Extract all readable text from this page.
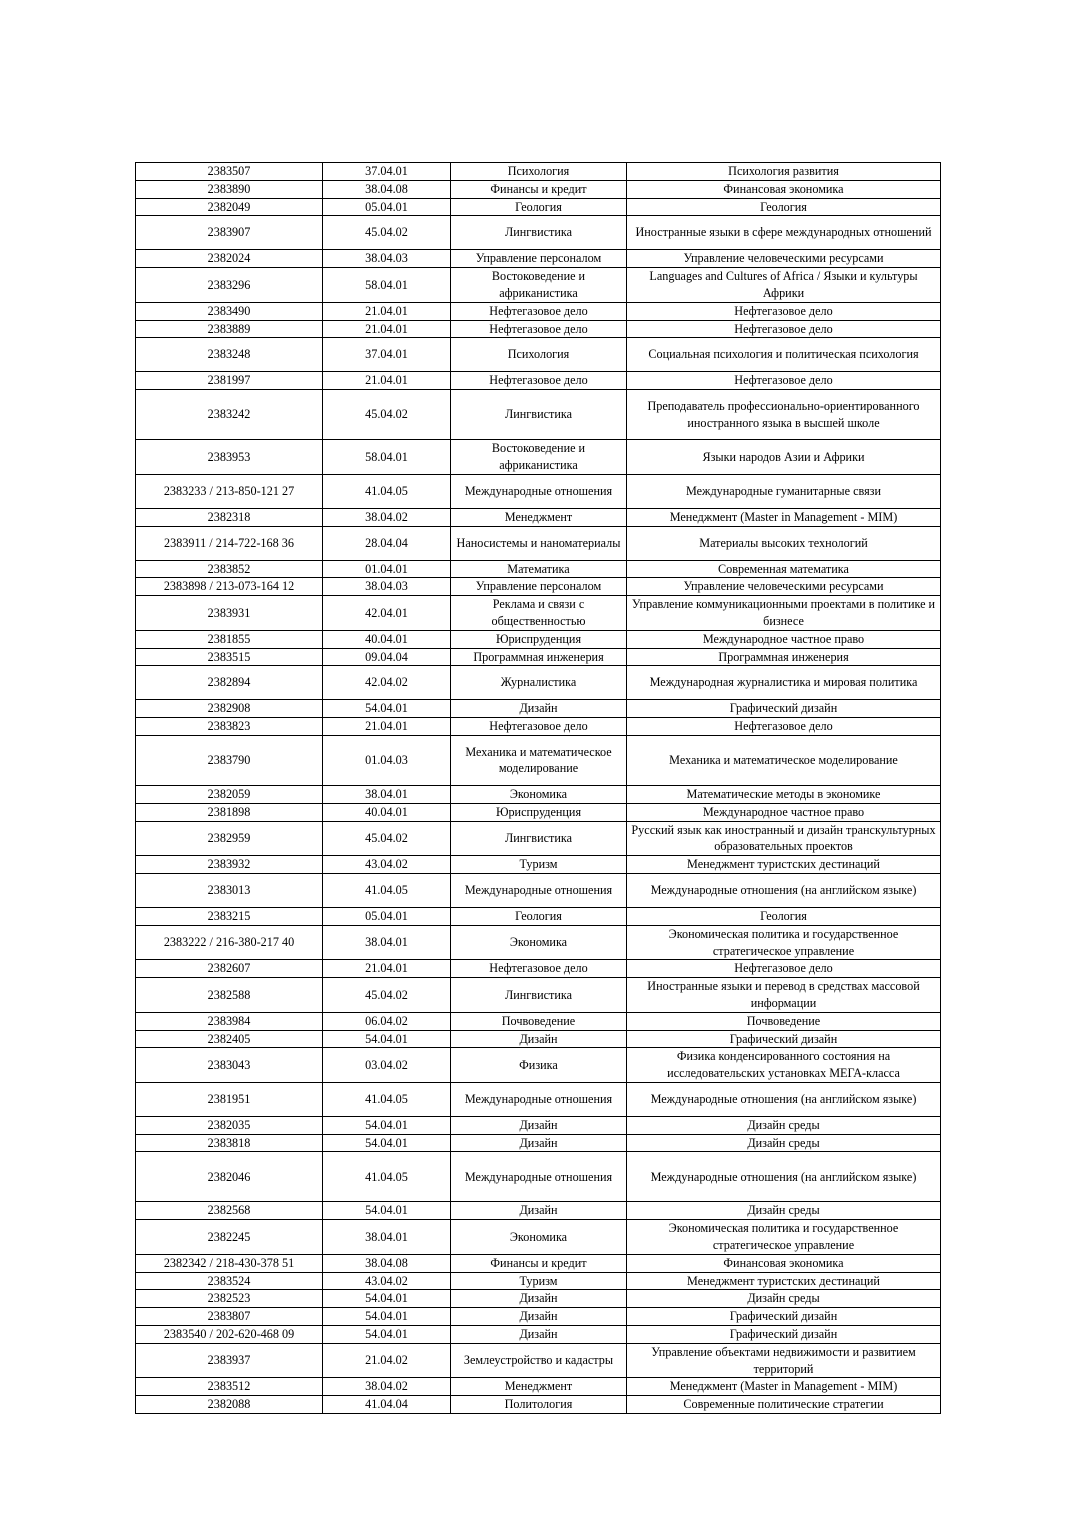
2383507	37.04.01	Психология	Психология развития
2383890	38.04.08	Финансы и кредит	Финансовая экономика
2382049	05.04.01	Геология	Геология
2383907	45.04.02	Лингвистика	Иностранные языки в сфере международных отношений
2382024	38.04.03	Управление персоналом	Управление человеческими ресурсами
2383296	58.04.01	Востоковедение и африканистика	Languages and Cultures of Africa / Языки и культуры Африки
2383490	21.04.01	Нефтегазовое дело	Нефтегазовое дело
2383889	21.04.01	Нефтегазовое дело	Нефтегазовое дело
2383248	37.04.01	Психология	Социальная психология и политическая психология
2381997	21.04.01	Нефтегазовое дело	Нефтегазовое дело
2383242	45.04.02	Лингвистика	Преподаватель профессионально-ориентированного иностранного языка в высшей школе
2383953	58.04.01	Востоковедение и африканистика	Языки народов Азии и Африки
2383233 / 213-850-121 27	41.04.05	Международные отношения	Международные гуманитарные связи
2382318	38.04.02	Менеджмент	Менеджмент (Master in Management - MIM)
2383911 / 214-722-168 36	28.04.04	Наносистемы и наноматериалы	Материалы высоких технологий
2383852	01.04.01	Математика	Современная математика
2383898 / 213-073-164 12	38.04.03	Управление персоналом	Управление человеческими ресурсами
2383931	42.04.01	Реклама и связи с общественностью	Управление коммуникационными проектами в политике и бизнесе
2381855	40.04.01	Юриспруденция	Международное частное право
2383515	09.04.04	Программная инженерия	Программная инженерия
2382894	42.04.02	Журналистика	Международная журналистика и мировая политика
2382908	54.04.01	Дизайн	Графический дизайн
2383823	21.04.01	Нефтегазовое дело	Нефтегазовое дело
2383790	01.04.03	Механика и математическое моделирование	Механика и математическое моделирование
2382059	38.04.01	Экономика	Математические методы в экономике
2381898	40.04.01	Юриспруденция	Международное частное право
2382959	45.04.02	Лингвистика	Русский язык как иностранный и дизайн транскультурных образовательных проектов
2383932	43.04.02	Туризм	Менеджмент туристских дестинаций
2383013	41.04.05	Международные отношения	Международные отношения (на английском языке)
2383215	05.04.01	Геология	Геология
2383222 / 216-380-217 40	38.04.01	Экономика	Экономическая политика и государственное стратегическое управление
2382607	21.04.01	Нефтегазовое дело	Нефтегазовое дело
2382588	45.04.02	Лингвистика	Иностранные языки и перевод в средствах массовой информации
2383984	06.04.02	Почвоведение	Почвоведение
2382405	54.04.01	Дизайн	Графический дизайн
2383043	03.04.02	Физика	Физика конденсированного состояния на исследовательских установках МЕГА-класса
2381951	41.04.05	Международные отношения	Международные отношения (на английском языке)
2382035	54.04.01	Дизайн	Дизайн среды
2383818	54.04.01	Дизайн	Дизайн среды
2382046	41.04.05	Международные отношения	Международные отношения (на английском языке)
2382568	54.04.01	Дизайн	Дизайн среды
2382245	38.04.01	Экономика	Экономическая политика и государственное стратегическое управление
2382342 / 218-430-378 51	38.04.08	Финансы и кредит	Финансовая экономика
2383524	43.04.02	Туризм	Менеджмент туристских дестинаций
2382523	54.04.01	Дизайн	Дизайн среды
2383807	54.04.01	Дизайн	Графический дизайн
2383540 / 202-620-468 09	54.04.01	Дизайн	Графический дизайн
2383937	21.04.02	Землеустройство и кадастры	Управление объектами недвижимости и развитием территорий
2383512	38.04.02	Менеджмент	Менеджмент (Master in Management - MIM)
2382088	41.04.04	Политология	Современные политические стратегии
